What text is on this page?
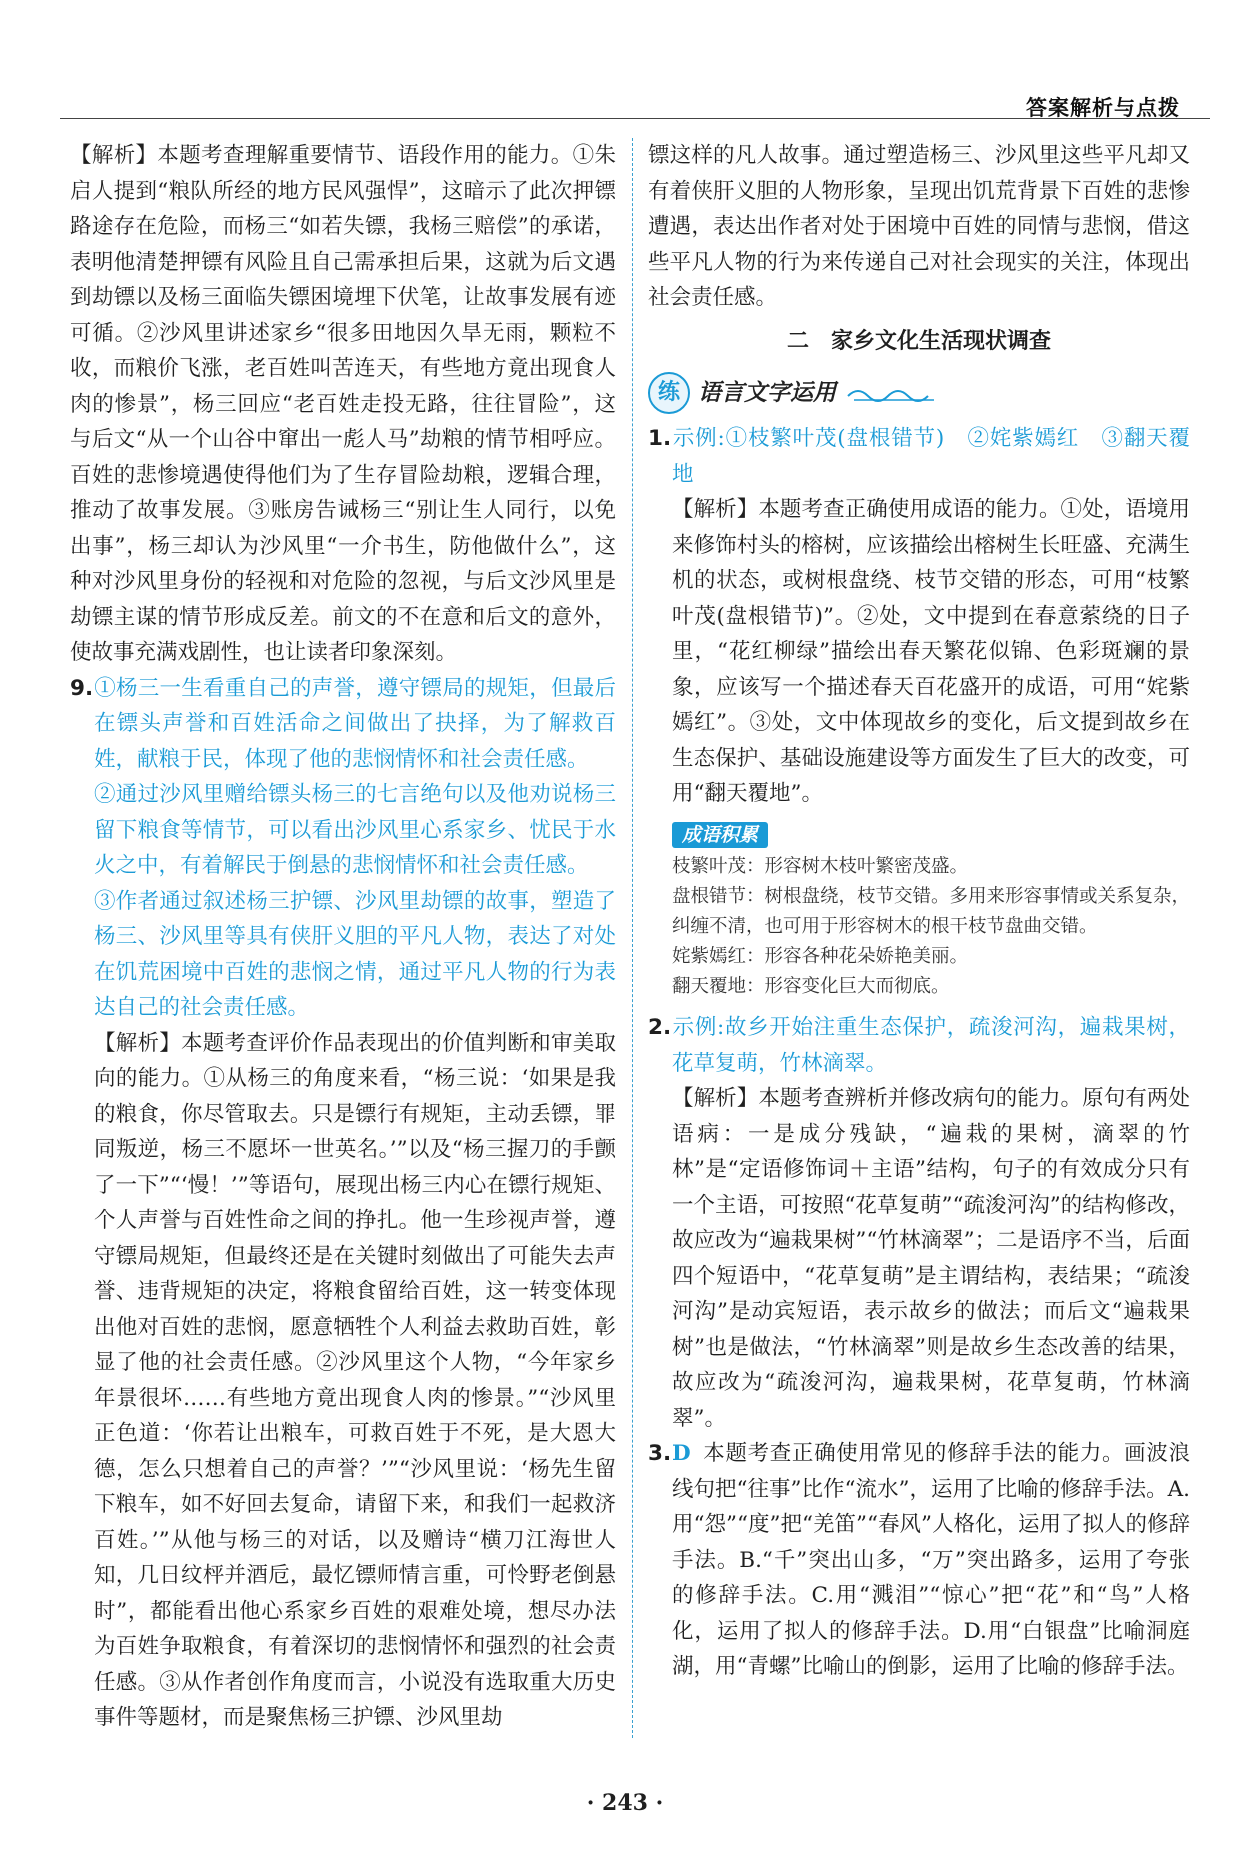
答案解析与点拨

【解析】本题考查理解重要情节、语段作用的能力。①朱启人提到“粮队所经的地方民风强悍”，这暗示了此次押镖路途存在危险，而杨三“如若失镖，我杨三赔偿”的承诺，表明他清楚押镖有风险且自己需承担后果，这就为后文遇到劫镖以及杨三面临失镖困境埋下伏笔，让故事发展有迹可循。②沙风里讲述家乡“很多田地因久旱无雨，颗粒不收，而粮价飞涨，老百姓叫苦连天，有些地方竟出现食人肉的惨景”，杨三回应“老百姓走投无路，往往冒险”，这与后文“从一个山谷中窜出一彪人马”劫粮的情节相呼应。百姓的悲惨境遇使得他们为了生存冒险劫粮，逻辑合理，推动了故事发展。③账房告诫杨三“别让生人同行，以免出事”，杨三却认为沙风里“一介书生，防他做什么”，这种对沙风里身份的轻视和对危险的忽视，与后文沙风里是劫镖主谋的情节形成反差。前文的不在意和后文的意外，使故事充满戏剧性，也让读者印象深刻。

9.①杨三一生看重自己的声誉，遵守镖局的规矩，但最后在镖头声誉和百姓活命之间做出了抉择，为了解救百姓，献粮于民，体现了他的悲悯情怀和社会责任感。

②通过沙风里赠给镖头杨三的七言绝句以及他劝说杨三留下粮食等情节，可以看出沙风里心系家乡、忧民于水火之中，有着解民于倒悬的悲悯情怀和社会责任感。

③作者通过叙述杨三护镖、沙风里劫镖的故事，塑造了杨三、沙风里等具有侠肝义胆的平凡人物，表达了对处在饥荒困境中百姓的悲悯之情，通过平凡人物的行为表达自己的社会责任感。

【解析】本题考查评价作品表现出的价值判断和审美取向的能力。①从杨三的角度来看，“杨三说：‘如果是我的粮食，你尽管取去。只是镖行有规矩，主动丢镖，罪同叛逆，杨三不愿坏一世英名。’”以及“杨三握刀的手颤了一下”“‘慢！’”等语句，展现出杨三内心在镖行规矩、个人声誉与百姓性命之间的挣扎。他一生珍视声誉，遵守镖局规矩，但最终还是在关键时刻做出了可能失去声誉、违背规矩的决定，将粮食留给百姓，这一转变体现出他对百姓的悲悯，愿意牺牲个人利益去救助百姓，彰显了他的社会责任感。②沙风里这个人物，“今年家乡年景很坏……有些地方竟出现食人肉的惨景。”“沙风里正色道：‘你若让出粮车，可救百姓于不死，是大恩大德，怎么只想着自己的声誉？’”“沙风里说：‘杨先生留下粮车，如不好回去复命，请留下来，和我们一起救济百姓。’”从他与杨三的对话，以及赠诗“横刀江海世人知，几日纹枰并酒卮，最忆镖师情言重，可怜野老倒悬时”，都能看出他心系家乡百姓的艰难处境，想尽办法为百姓争取粮食，有着深切的悲悯情怀和强烈的社会责任感。③从作者创作角度而言，小说没有选取重大历史事件等题材，而是聚焦杨三护镖、沙风里劫

镖这样的凡人故事。通过塑造杨三、沙风里这些平凡却又有着侠肝义胆的人物形象，呈现出饥荒背景下百姓的悲惨遭遇，表达出作者对处于困境中百姓的同情与悲悯，借这些平凡人物的行为来传递自己对社会现实的关注，体现出社会责任感。

二　家乡文化生活现状调查
练 语言文字运用

1.示例:①枝繁叶茂(盘根错节)　②姹紫嫣红　③翻天覆地

【解析】本题考查正确使用成语的能力。①处，语境用来修饰村头的榕树，应该描绘出榕树生长旺盛、充满生机的状态，或树根盘绕、枝节交错的形态，可用“枝繁叶茂(盘根错节)”。②处，文中提到在春意萦绕的日子里，“花红柳绿”描绘出春天繁花似锦、色彩斑斓的景象，应该写一个描述春天百花盛开的成语，可用“姹紫嫣红”。③处，文中体现故乡的变化，后文提到故乡在生态保护、基础设施建设等方面发生了巨大的改变，可用“翻天覆地”。

成语积累

枝繁叶茂：形容树木枝叶繁密茂盛。

盘根错节：树根盘绕，枝节交错。多用来形容事情或关系复杂，纠缠不清，也可用于形容树木的根干枝节盘曲交错。

姹紫嫣红：形容各种花朵娇艳美丽。

翻天覆地：形容变化巨大而彻底。

2.示例:故乡开始注重生态保护，疏浚河沟，遍栽果树，花草复萌，竹林滴翠。

【解析】本题考查辨析并修改病句的能力。原句有两处语病：一是成分残缺，“遍栽的果树，滴翠的竹林”是“定语修饰词＋主语”结构，句子的有效成分只有一个主语，可按照“花草复萌”“疏浚河沟”的结构修改，故应改为“遍栽果树”“竹林滴翠”；二是语序不当，后面四个短语中，“花草复萌”是主谓结构，表结果；“疏浚河沟”是动宾短语，表示故乡的做法；而后文“遍栽果树”也是做法，“竹林滴翠”则是故乡生态改善的结果，故应改为“疏浚河沟，遍栽果树，花草复萌，竹林滴翠”。

3.D 本题考查正确使用常见的修辞手法的能力。画波浪线句把“往事”比作“流水”，运用了比喻的修辞手法。A.用“怨”“度”把“羌笛”“春风”人格化，运用了拟人的修辞手法。B.“千”突出山多，“万”突出路多，运用了夸张的修辞手法。C.用“溅泪”“惊心”把“花”和“鸟”人格化，运用了拟人的修辞手法。D.用“白银盘”比喻洞庭湖，用“青螺”比喻山的倒影，运用了比喻的修辞手法。

· 243 ·
